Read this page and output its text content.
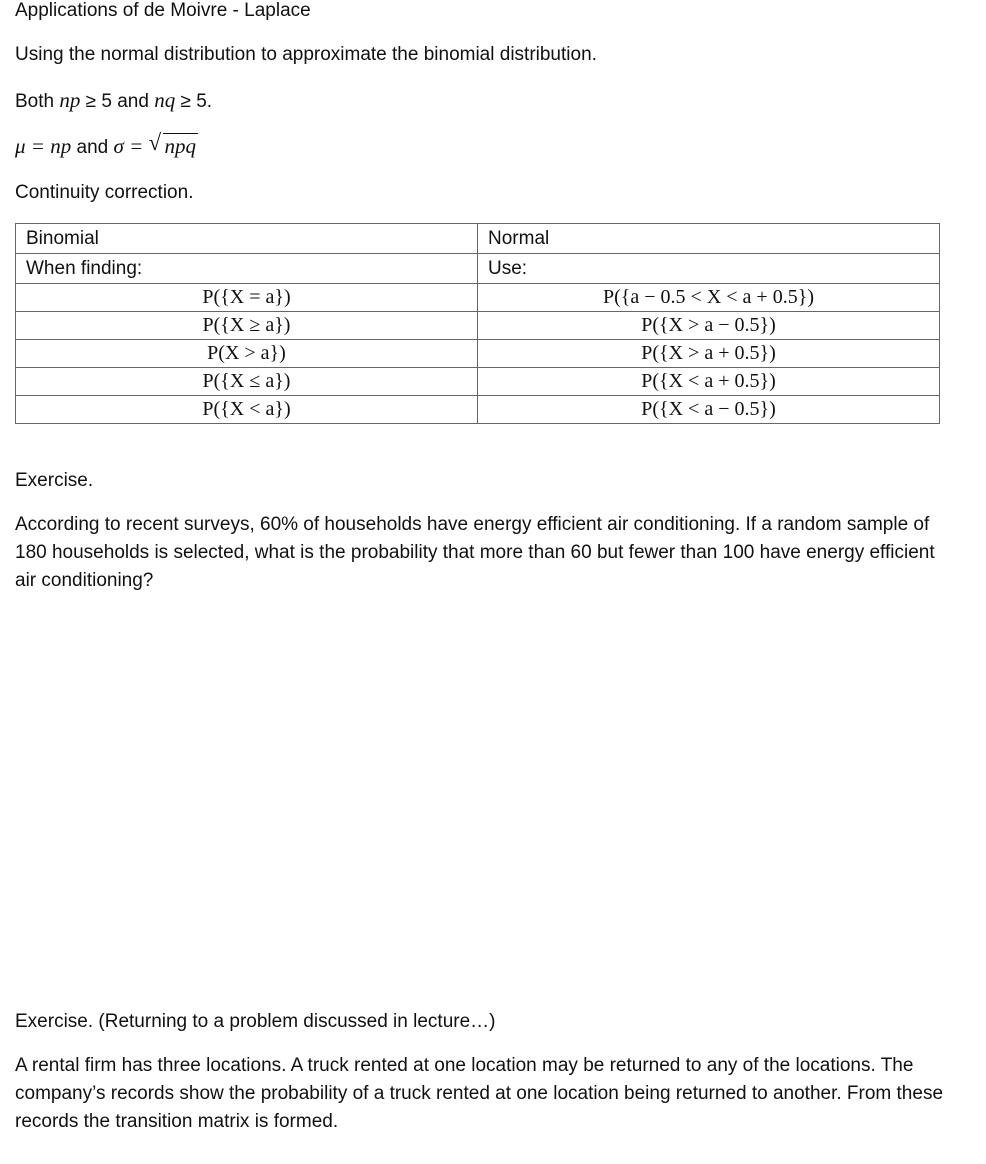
Applications of de Moivre - Laplace
Using the normal distribution to approximate the binomial distribution.
Both np ≥ 5 and nq ≥ 5.
μ = np and σ = √ npq
Continuity correction.
Binomial	Normal
When finding:	Use:
P({X = a})	P({a − 0.5 < X < a + 0.5})
P({X ≥ a})	P({X > a − 0.5})
P(X > a})	P({X > a + 0.5})
P({X ≤ a})	P({X < a + 0.5})
P({X < a})	P({X < a − 0.5})
Exercise.
According to recent surveys, 60% of households have energy efficient air conditioning. If a random sample of 180 households is selected, what is the probability that more than 60 but fewer than 100 have energy efficient air conditioning?
Exercise. (Returning to a problem discussed in lecture…)
A rental firm has three locations. A truck rented at one location may be returned to any of the locations. The company’s records show the probability of a truck rented at one location being returned to another. From these records the transition matrix is formed.
